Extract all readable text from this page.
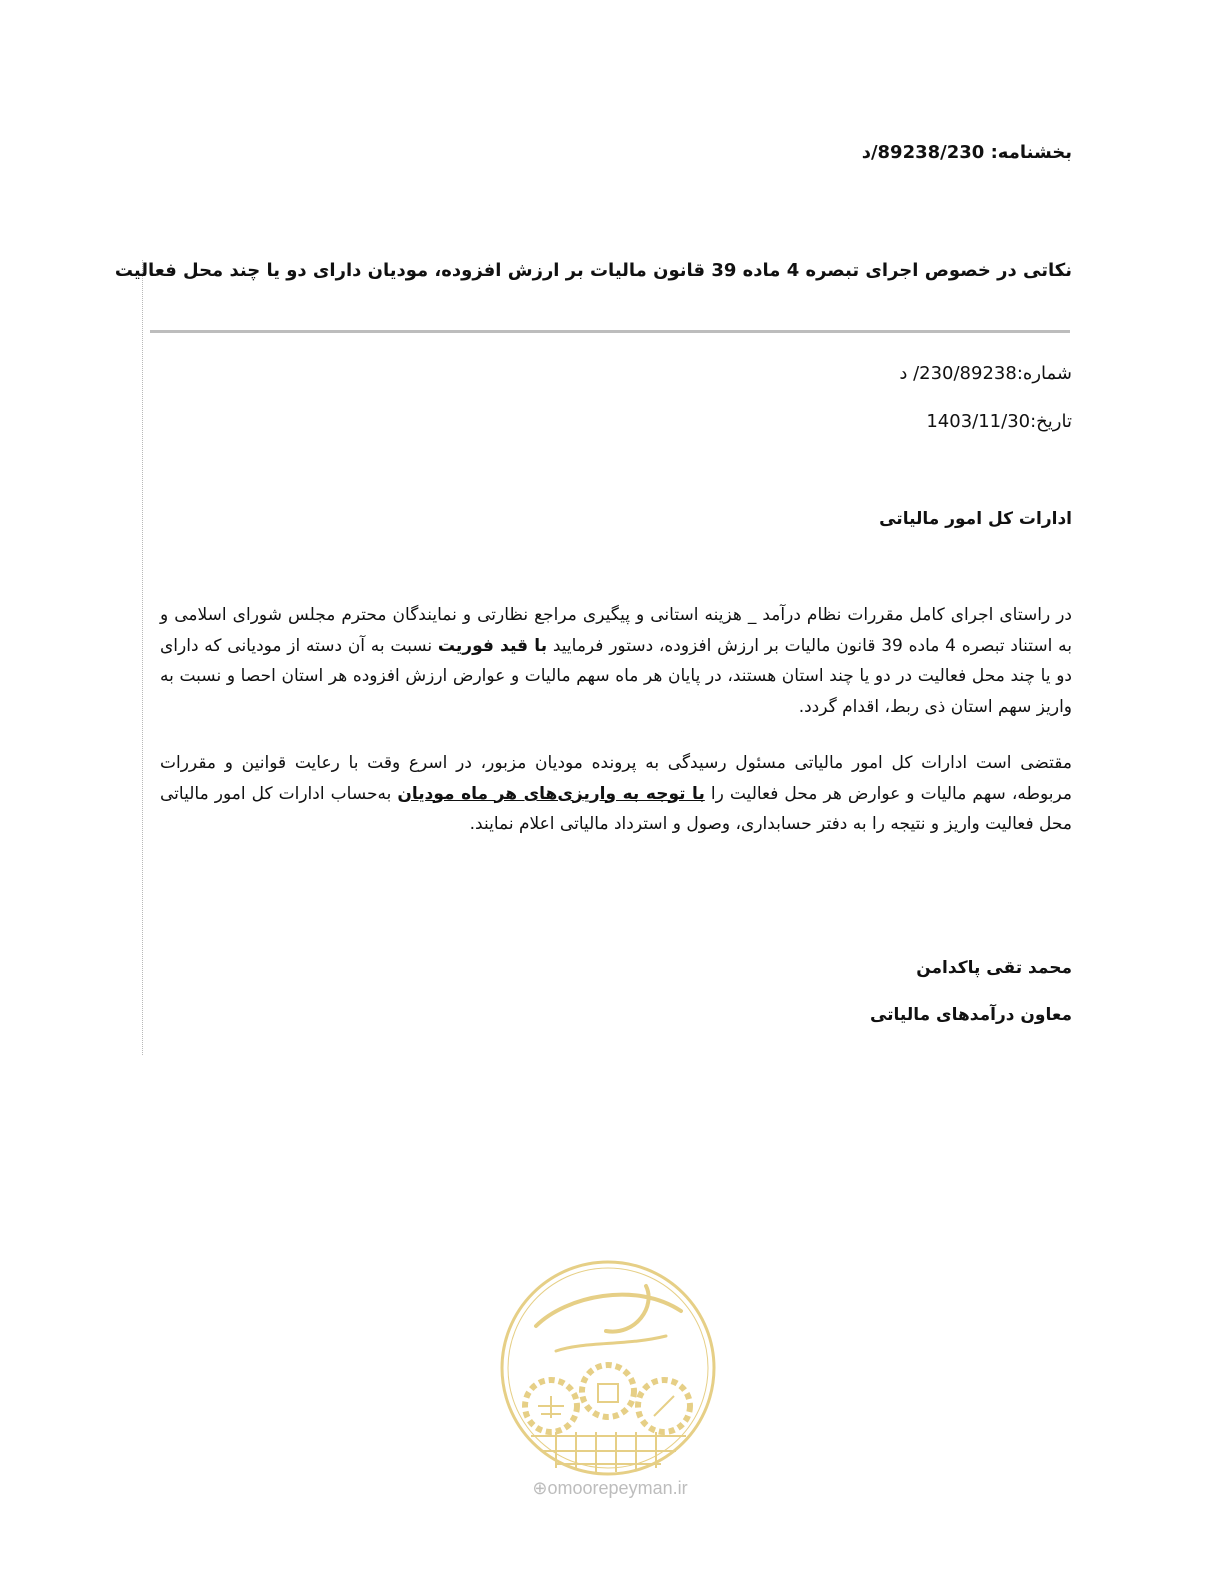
بخشنامه: 89238/230/د
نکاتی در خصوص اجرای تبصره 4 ماده 39 قانون مالیات بر ارزش افزوده، مودیان دارای دو یا چند محل فعالیت
شماره:230/89238/ د
تاریخ:1403/11/30
ادارات کل امور مالیاتی
در راستای اجرای کامل مقررات نظام درآمد _ هزینه استانی و پیگیری مراجع نظارتی و نمایندگان محترم مجلس شورای اسلامی و به استناد تبصره 4 ماده 39 قانون مالیات بر ارزش افزوده، دستور فرمایید با قید فوریت نسبت به آن دسته از مودیانی که دارای دو یا چند محل فعالیت در دو یا چند استان هستند، در پایان هر ماه سهم مالیات و عوارض ارزش افزوده هر استان احصا و نسبت به واریز سهم استان ذی ربط، اقدام گردد.
مقتضی است ادارات کل امور مالیاتی مسئول رسیدگی به پرونده مودیان مزبور، در اسرع وقت با رعایت قوانین و مقررات مربوطه، سهم مالیات و عوارض هر محل فعالیت را با توجه به واریزی‌های هر ماه مودیان به‌حساب ادارات کل امور مالیاتی محل فعالیت واریز و نتیجه را به دفتر حسابداری، وصول و استرداد مالیاتی اعلام نمایند.
محمد تقی پاکدامن
معاون درآمدهای مالیاتی
⊕omoorepeyman.ir
